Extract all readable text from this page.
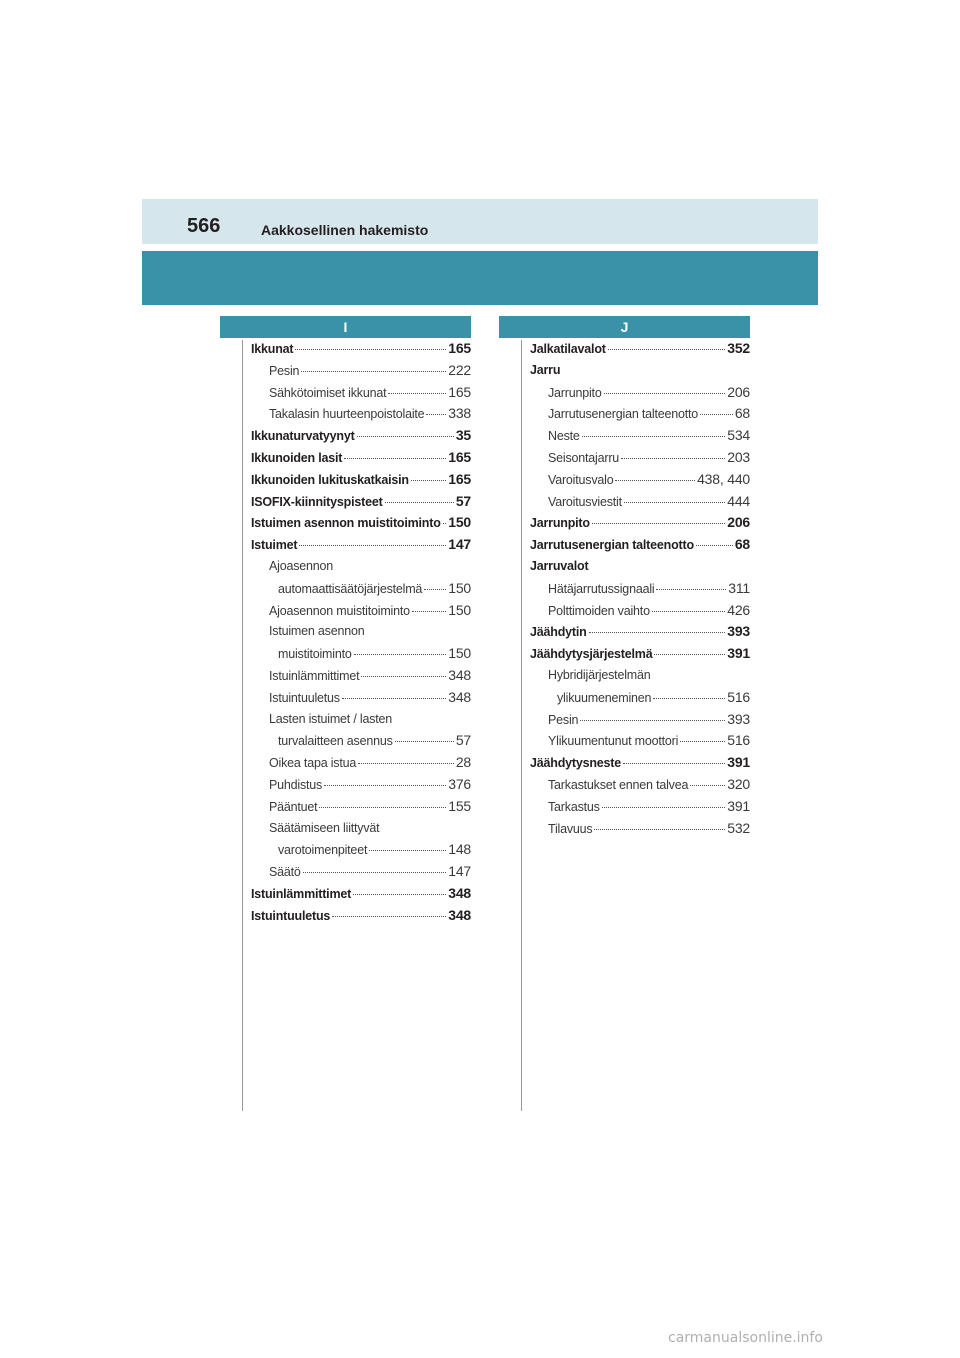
566	Aakkosellinen hakemisto
I
Ikkunat	165
Pesin	222
Sähkötoimiset ikkunat	165
Takalasin huurteenpoistolaite 338
Ikkunaturvatyynyt	35
Ikkunoiden lasit	165
Ikkunoiden lukituskatkaisin	165
ISOFIX-kiinnityspisteet	57
Istuimen asennon muistitoiminto 150
Istuimet	147
Ajoasennon
automaattisäätöjärjestelmä 150
Ajoasennon muistitoiminto	150
Istuimen asennon
muistitoiminto	150
Istuinlämmittimet	348
Istuintuuletus	348
Lasten istuimet / lasten
turvalaitteen asennus	57
Oikea tapa istua	28
Puhdistus	376
Pääntuet	155
Säätämiseen liittyvät
varotoimenpiteet	148
Säätö	147
Istuinlämmittimet	348
Istuintuuletus	348
J
Jalkatilavalot	352
Jarru
Jarrunpito	206
Jarrutusenergian talteenotto	68
Neste	534
Seisontajarru	203
Varoitusvalo	438, 440
Varoitusviestit	444
Jarrunpito	206
Jarrutusenergian talteenotto	68
Jarruvalot
Hätäjarrutussignaali	311
Polttimoiden vaihto	426
Jäähdytin	393
Jäähdytysjärjestelmä	391
Hybridijärjestelmän
ylikuumeneminen	516
Pesin	393
Ylikuumentunut moottori	516
Jäähdytysneste	391
Tarkastukset ennen talvea	320
Tarkastus	391
Tilavuus	532
carmanualsonline.info
